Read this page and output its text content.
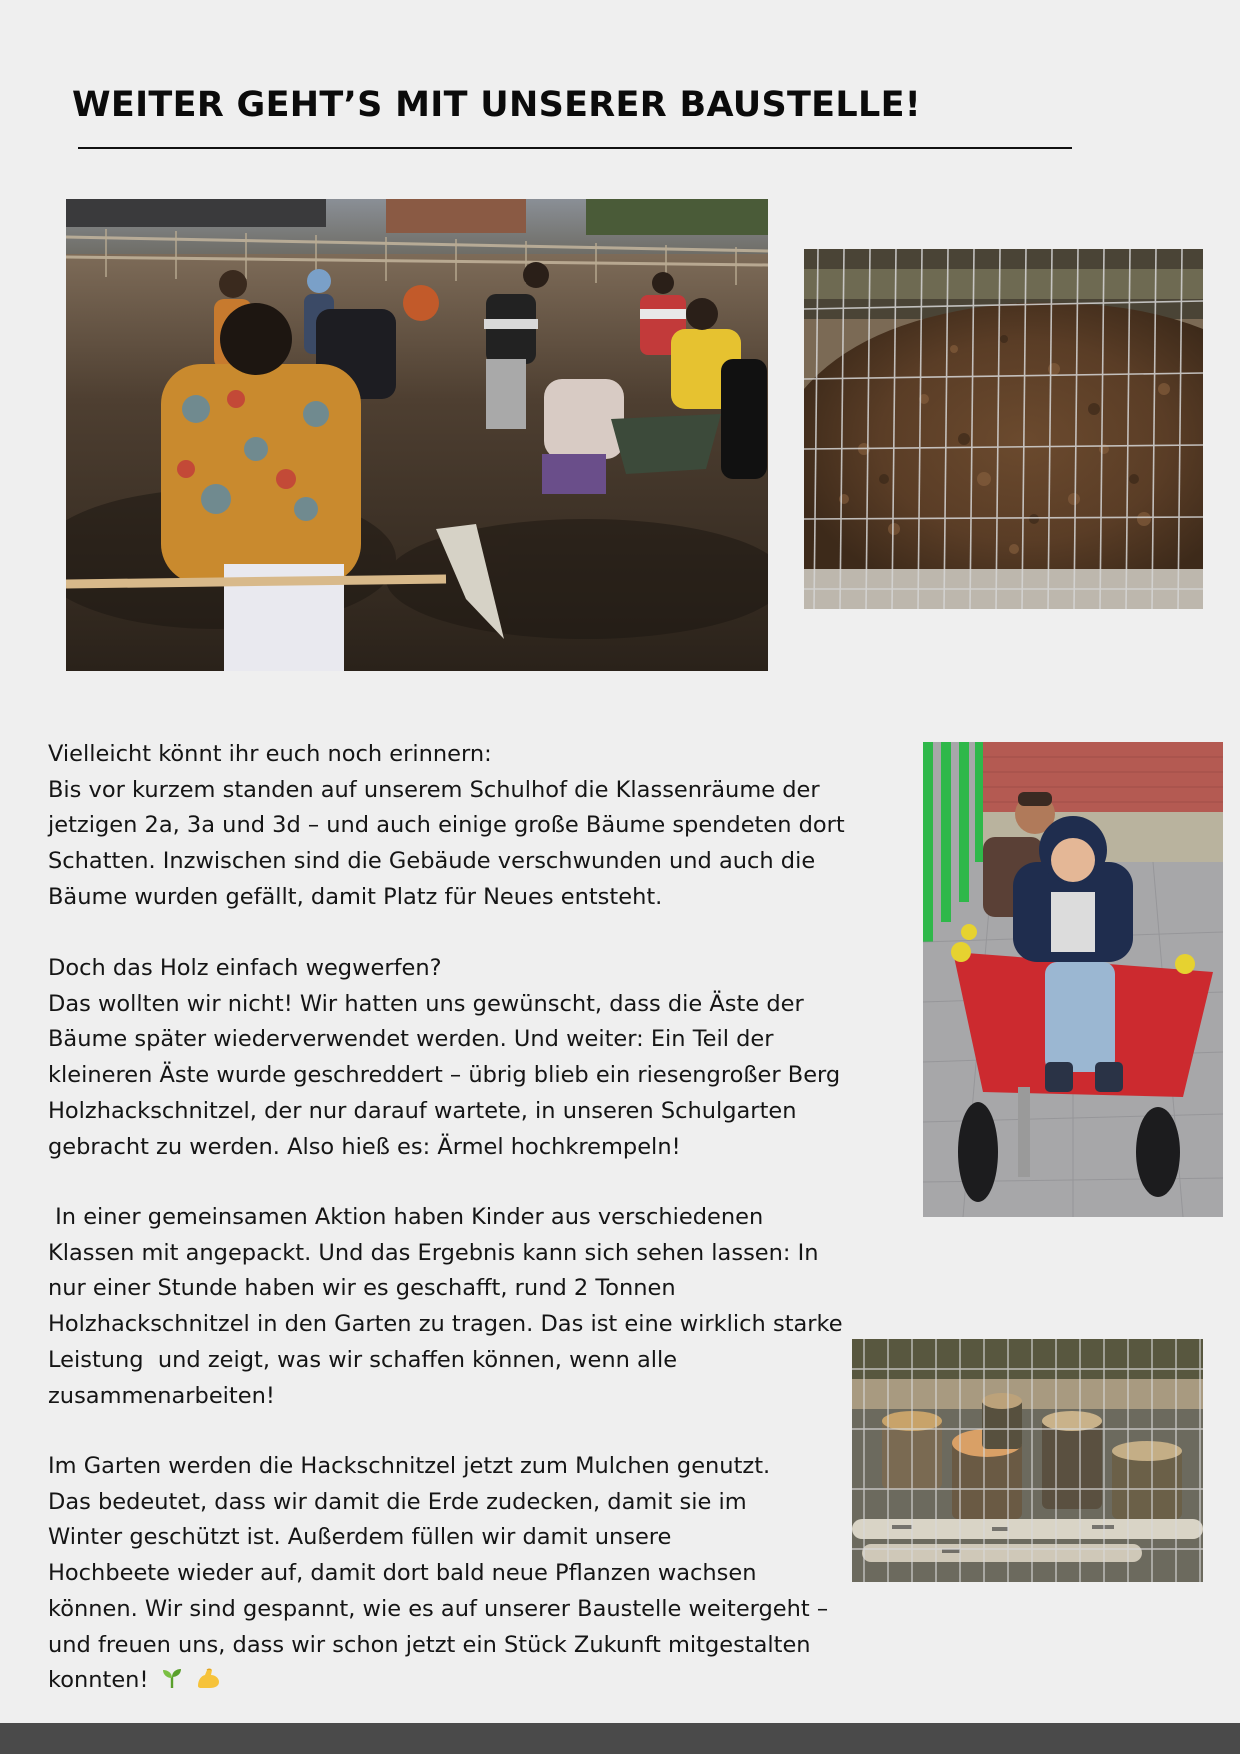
WEITER GEHT’S MIT UNSERER BAUSTELLE!
Vielleicht könnt ihr euch noch erinnern:
Bis vor kurzem standen auf unserem Schulhof die Klassenräume der
jetzigen 2a, 3a und 3d – und auch einige große Bäume spendeten dort
Schatten. Inzwischen sind die Gebäude verschwunden und auch die
Bäume wurden gefällt, damit Platz für Neues entsteht.
Doch das Holz einfach wegwerfen?
Das wollten wir nicht! Wir hatten uns gewünscht, dass die Äste der
Bäume später wiederverwendet werden. Und weiter: Ein Teil der
kleineren Äste wurde geschreddert – übrig blieb ein riesengroßer Berg
Holzhackschnitzel, der nur darauf wartete, in unseren Schulgarten
gebracht zu werden. Also hieß es: Ärmel hochkrempeln!
In einer gemeinsamen Aktion haben Kinder aus verschiedenen
Klassen mit angepackt. Und das Ergebnis kann sich sehen lassen: In
nur einer Stunde haben wir es geschafft, rund 2 Tonnen
Holzhackschnitzel in den Garten zu tragen. Das ist eine wirklich starke
Leistung  und zeigt, was wir schaffen können, wenn alle
zusammenarbeiten!
Im Garten werden die Hackschnitzel jetzt zum Mulchen genutzt.
Das bedeutet, dass wir damit die Erde zudecken, damit sie im
Winter geschützt ist. Außerdem füllen wir damit unsere
Hochbeete wieder auf, damit dort bald neue Pflanzen wachsen
können. Wir sind gespannt, wie es auf unserer Baustelle weitergeht –
und freuen uns, dass wir schon jetzt ein Stück Zukunft mitgestalten
konnten!
